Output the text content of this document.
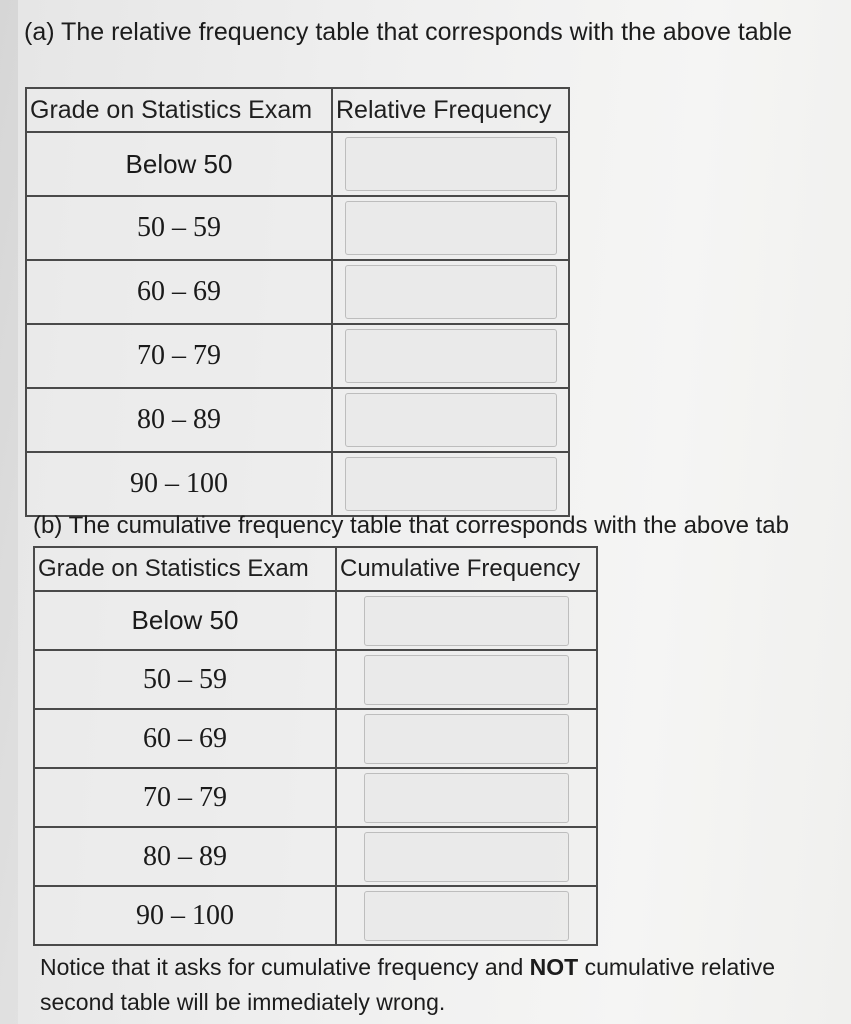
(a) The relative frequency table that corresponds with the above table
Grade on Statistics Exam	Relative Frequency
Below 50	

50 – 59	

60 – 69	

70 – 79	

80 – 89	

90 – 100	
(b) The cumulative frequency table that corresponds with the above tab
Grade on Statistics Exam	Cumulative Frequency
Below 50	

50 – 59	

60 – 69	

70 – 79	

80 – 89	

90 – 100	
Notice that it asks for cumulative frequency and NOT cumulative relative
second table will be immediately wrong.
